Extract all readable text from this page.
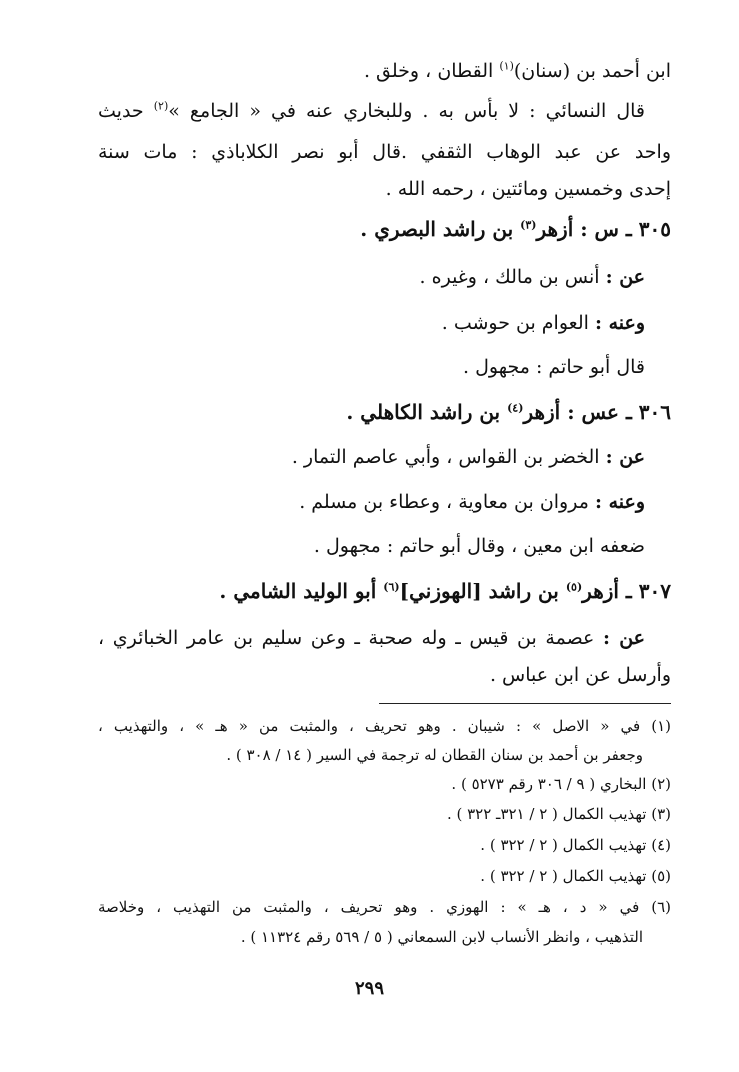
ابن أحمد بن (سنان)$^{(١)}$ القطان ، وخلق .
قال النسائي : لا بأس به . وللبخاري عنه في « الجامع »$^{(٢)}$ حديث
واحد عن عبد الوهاب الثقفي .قال أبو نصر الكلاباذي : مات سنة
إحدى وخمسين ومائتين ، رحمه الله .
٣٠٥ ـ س : أزهر$^{(٣)}$ بن راشد البصري .
عن : أنس بن مالك ، وغيره .
وعنه : العوام بن حوشب .
قال أبو حاتم : مجهول .
٣٠٦ ـ عس : أزهر$^{(٤)}$ بن راشد الكاهلي .
عن : الخضر بن القواس ، وأبي عاصم التمار .
وعنه : مروان بن معاوية ، وعطاء بن مسلم .
ضعفه ابن معين ، وقال أبو حاتم : مجهول .
٣٠٧ ـ أزهر$^{(٥)}$ بن راشد [الهوزني]$^{(٦)}$ أبو الوليد الشامي .
عن : عصمة بن قيس ـ وله صحبة ـ وعن سليم بن عامر الخبائري ،
وأرسل عن ابن عباس .
(١) في « الاصل » : شيبان . وهو تحريف ، والمثبت من « هـ » ، والتهذيب ،
وجعفر بن أحمد بن سنان القطان له ترجمة في السير ( ١٤ / ٣٠٨ ) .
(٢) البخاري ( ٩ / ٣٠٦ رقم ٥٢٧٣ ) .
(٣) تهذيب الكمال ( ٢ / ٣٢١ـ ٣٢٢ ) .
(٤) تهذيب الكمال ( ٢ / ٣٢٢ ) .
(٥) تهذيب الكمال ( ٢ / ٣٢٢ ) .
(٦) في « د ، هـ » : الهوزي . وهو تحريف ، والمثبت من التهذيب ، وخلاصة
التذهيب ، وانظر الأنساب لابن السمعاني ( ٥ / ٥٦٩ رقم ١١٣٢٤ ) .
٢٩٩
